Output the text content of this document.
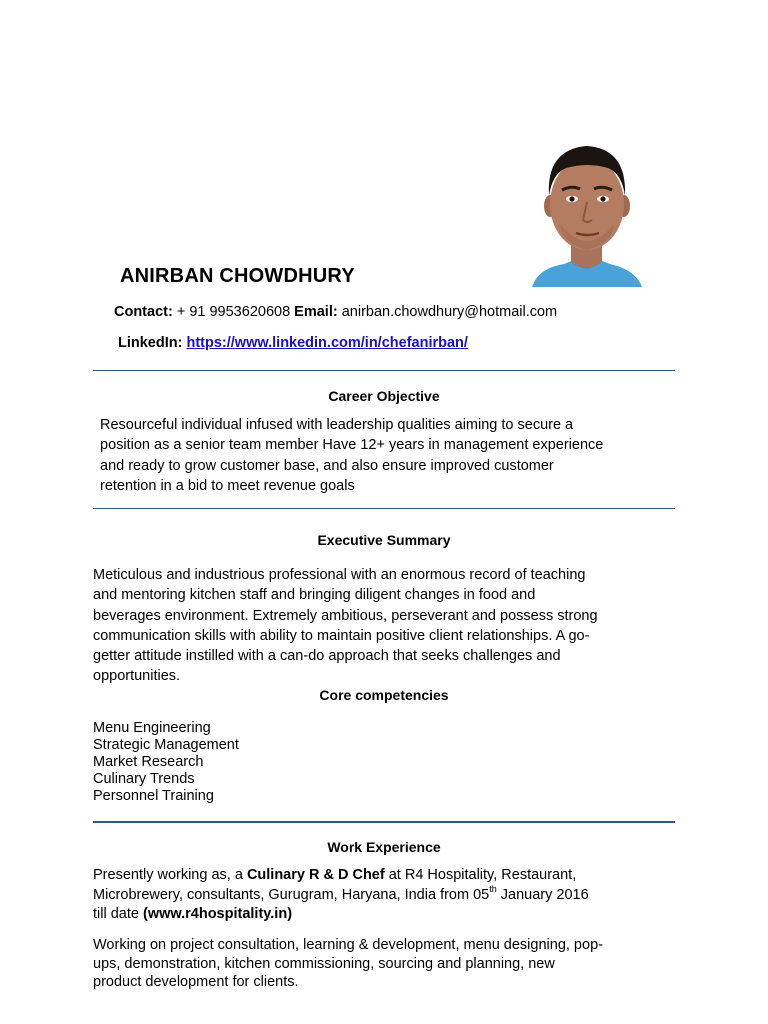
ANIRBAN CHOWDHURY
Contact: + 91 9953620608 Email: anirban.chowdhury@hotmail.com
LinkedIn: https://www.linkedin.com/in/chefanirban/
Career Objective
Resourceful individual infused with leadership qualities aiming to secure a
position as a senior team member Have 12+ years in management experience
and ready to grow customer base, and also ensure improved customer
retention in a bid to meet revenue goals
Executive Summary
Meticulous and industrious professional with an enormous record of teaching
and mentoring kitchen staff and bringing diligent changes in food and
beverages environment. Extremely ambitious, perseverant and possess strong
communication skills with ability to maintain positive client relationships. A go-
getter attitude instilled with a can-do approach that seeks challenges and
opportunities.
Core competencies
Menu Engineering
Strategic Management
Market Research
Culinary Trends
Personnel Training
Work Experience
Presently working as, a Culinary R & D Chef at R4 Hospitality, Restaurant,
Microbrewery, consultants, Gurugram, Haryana, India from 05th January 2016
till date (www.r4hospitality.in)
Working on project consultation, learning & development, menu designing, pop-
ups, demonstration, kitchen commissioning, sourcing and planning, new
product development for clients.
